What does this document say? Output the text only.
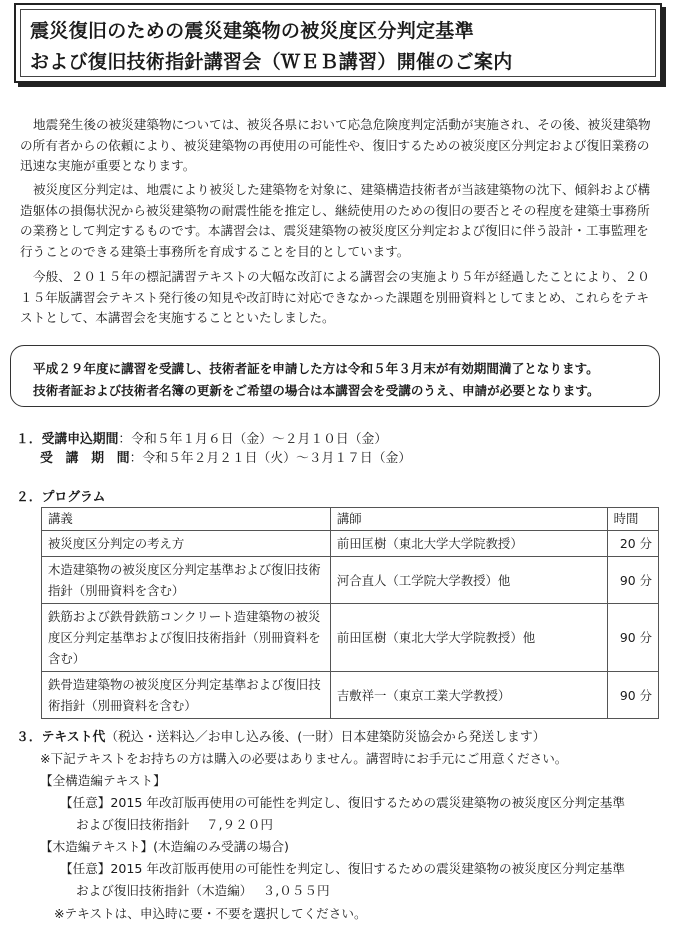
震災復旧のための震災建築物の被災度区分判定基準
および復旧技術指針講習会（ＷＥＢ講習）開催のご案内

地震発生後の被災建築物については、被災各県において応急危険度判定活動が実施され、その後、被災建築物の所有者からの依頼により、被災建築物の再使用の可能性や、復旧するための被災度区分判定および復旧業務の迅速な実施が重要となります。

被災度区分判定は、地震により被災した建築物を対象に、建築構造技術者が当該建築物の沈下、傾斜および構造躯体の損傷状況から被災建築物の耐震性能を推定し、継続使用のための復旧の要否とその程度を建築士事務所の業務として判定するものです。本講習会は、震災建築物の被災度区分判定および復旧に伴う設計・工事監理を行うことのできる建築士事務所を育成することを目的としています。

今般、２０１５年の標記講習テキストの大幅な改訂による講習会の実施より５年が経過したことにより、２０１５年版講習会テキスト発行後の知見や改訂時に対応できなかった課題を別冊資料としてまとめ、これらをテキストとして、本講習会を実施することといたしました。

平成２９年度に講習を受講し、技術者証を申請した方は令和５年３月末が有効期間満了となります。
技術者証および技術者名簿の更新をご希望の場合は本講習会を受講のうえ、申請が必要となります。
１．受講申込期間：令和５年１月６日（金）～２月１０日（金）
受　講　期　間：令和５年２月２１日（火）～３月１７日（金）
２．プログラム
講義	講師	時間
被災度区分判定の考え方	前田匡樹（東北大学大学院教授）	20 分
木造建築物の被災度区分判定基準および復旧技術指針（別冊資料を含む）	河合直人（工学院大学教授）他	90 分
鉄筋および鉄骨鉄筋コンクリート造建築物の被災度区分判定基準および復旧技術指針（別冊資料を含む）	前田匡樹（東北大学大学院教授）他	90 分
鉄骨造建築物の被災度区分判定基準および復旧技術指針（別冊資料を含む）	吉敷祥一（東京工業大学教授）	90 分
３．テキスト代（税込・送料込／お申し込み後、(一財）日本建築防災協会から発送します）
※下記テキストをお持ちの方は購入の必要はありません。講習時にお手元にご用意ください。
【全構造編テキスト】
【任意】2015 年改訂版再使用の可能性を判定し、復旧するための震災建築物の被災度区分判定基準
および復旧技術指針　 ７,９２０円
【木造編テキスト】(木造編のみ受講の場合)
【任意】2015 年改訂版再使用の可能性を判定し、復旧するための震災建築物の被災度区分判定基準
および復旧技術指針（木造編）　 ３,０５５円
※テキストは、申込時に要・不要を選択してください。
